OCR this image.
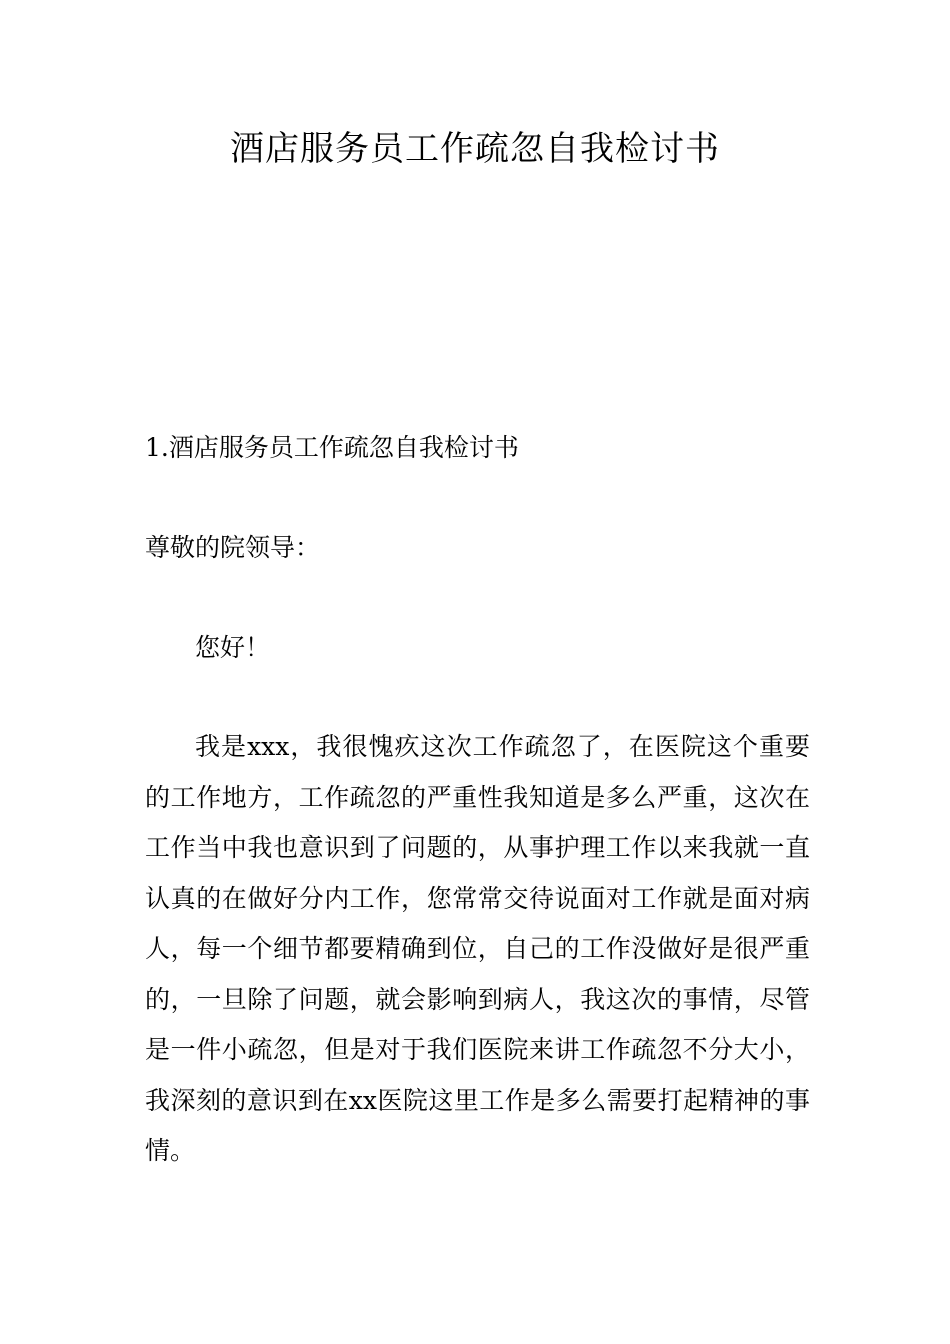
酒店服务员工作疏忽自我检讨书

1.酒店服务员工作疏忽自我检讨书

尊敬的院领导：

您好！

我是xxx，我很愧疚这次工作疏忽了，在医院这个重要的工作地方，工作疏忽的严重性我知道是多么严重，这次在工作当中我也意识到了问题的，从事护理工作以来我就一直认真的在做好分内工作，您常常交待说面对工作就是面对病人，每一个细节都要精确到位，自己的工作没做好是很严重的，一旦除了问题，就会影响到病人，我这次的事情，尽管是一件小疏忽，但是对于我们医院来讲工作疏忽不分大小，我深刻的意识到在xx医院这里工作是多么需要打起精神的事情。
